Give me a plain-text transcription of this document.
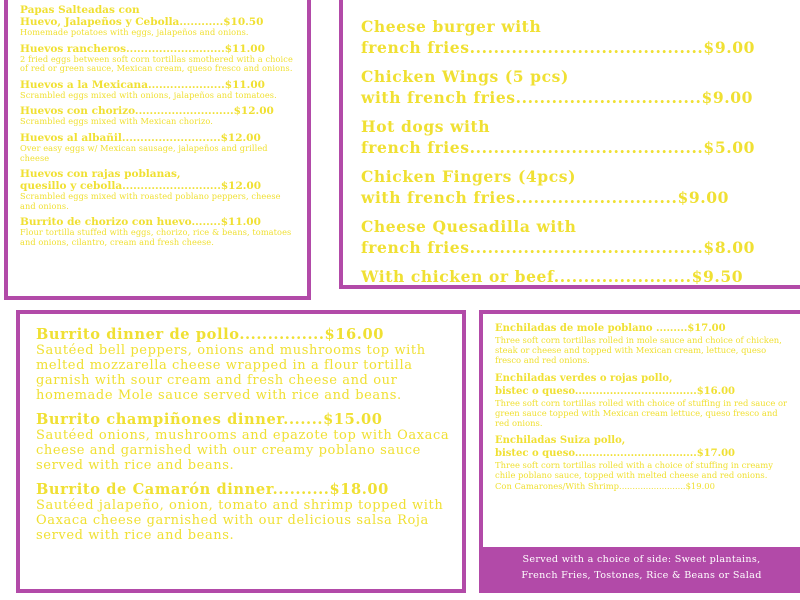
Papas Salteadas con
Huevo, Jalapeños y Cebolla............$10.50
Homemade potatoes with eggs, jalapeños and onions.
Huevos rancheros...........................$11.00
2 fried eggs between soft corn tortillas smothered with a choice of red or green sauce, Mexican cream, queso fresco and onions.
Huevos a la Mexicana.....................$11.00
Scrambled eggs mixed with onions, jalapeños and tomatoes.
Huevos con chorizo...........................$12.00
Scrambled eggs mixed with Mexican chorizo.
Huevos al albañil...........................$12.00
Over easy eggs w/ Mexican sausage, jalapeños and grilled cheese
Huevos con rajas poblanas,
quesillo y cebolla...........................$12.00
Scrambled eggs mixed with roasted poblano peppers, cheese and onions.
Burrito de chorizo con huevo........$11.00
Flour tortilla stuffed with eggs, chorizo, rice & beans, tomatoes and onions, cilantro, cream and fresh cheese.
Cheese burger with
french fries.......................................$9.00
Chicken Wings (5 pcs)
with french fries...............................$9.00
Hot dogs with
french fries.......................................$5.00
Chicken Fingers (4pcs)
with french fries...........................$9.00
Cheese Quesadilla with
french fries.......................................$8.00
With chicken or beef.......................$9.50
Burrito dinner de pollo...............$16.00
Sautéed bell peppers, onions and mushrooms top with melted mozzarella cheese wrapped in a flour tortilla garnish with sour cream and fresh cheese and our homemade Mole sauce served with rice and beans.
Burrito champiñones dinner.......$15.00
Sautéed onions, mushrooms and epazote top with Oaxaca cheese and garnished with our creamy poblano sauce served with rice and beans.
Burrito de Camarón dinner..........$18.00
Sautéed jalapeño, onion, tomato and shrimp topped with Oaxaca cheese garnished with our delicious salsa Roja served with rice and beans.
Enchiladas de mole poblano .........$17.00
Three soft corn tortillas rolled in mole sauce and choice of chicken, steak or cheese and topped with Mexican cream, lettuce, queso fresco and red onions.
Enchiladas verdes o rojas pollo,
bistec o queso...................................$16.00
Three soft corn tortillas rolled with choice of stuffing in red sauce or green sauce topped with Mexican cream lettuce, queso fresco and red onions.
Enchiladas Suiza pollo,
bistec o queso...................................$17.00
Three soft corn tortillas rolled with a choice of stuffing in creamy chile poblano sauce, topped with melted cheese and red onions.
Con Camarones/With Shrimp.........................$19.00
Served with a choice of side: Sweet plantains,
French Fries, Tostones, Rice & Beans or Salad
